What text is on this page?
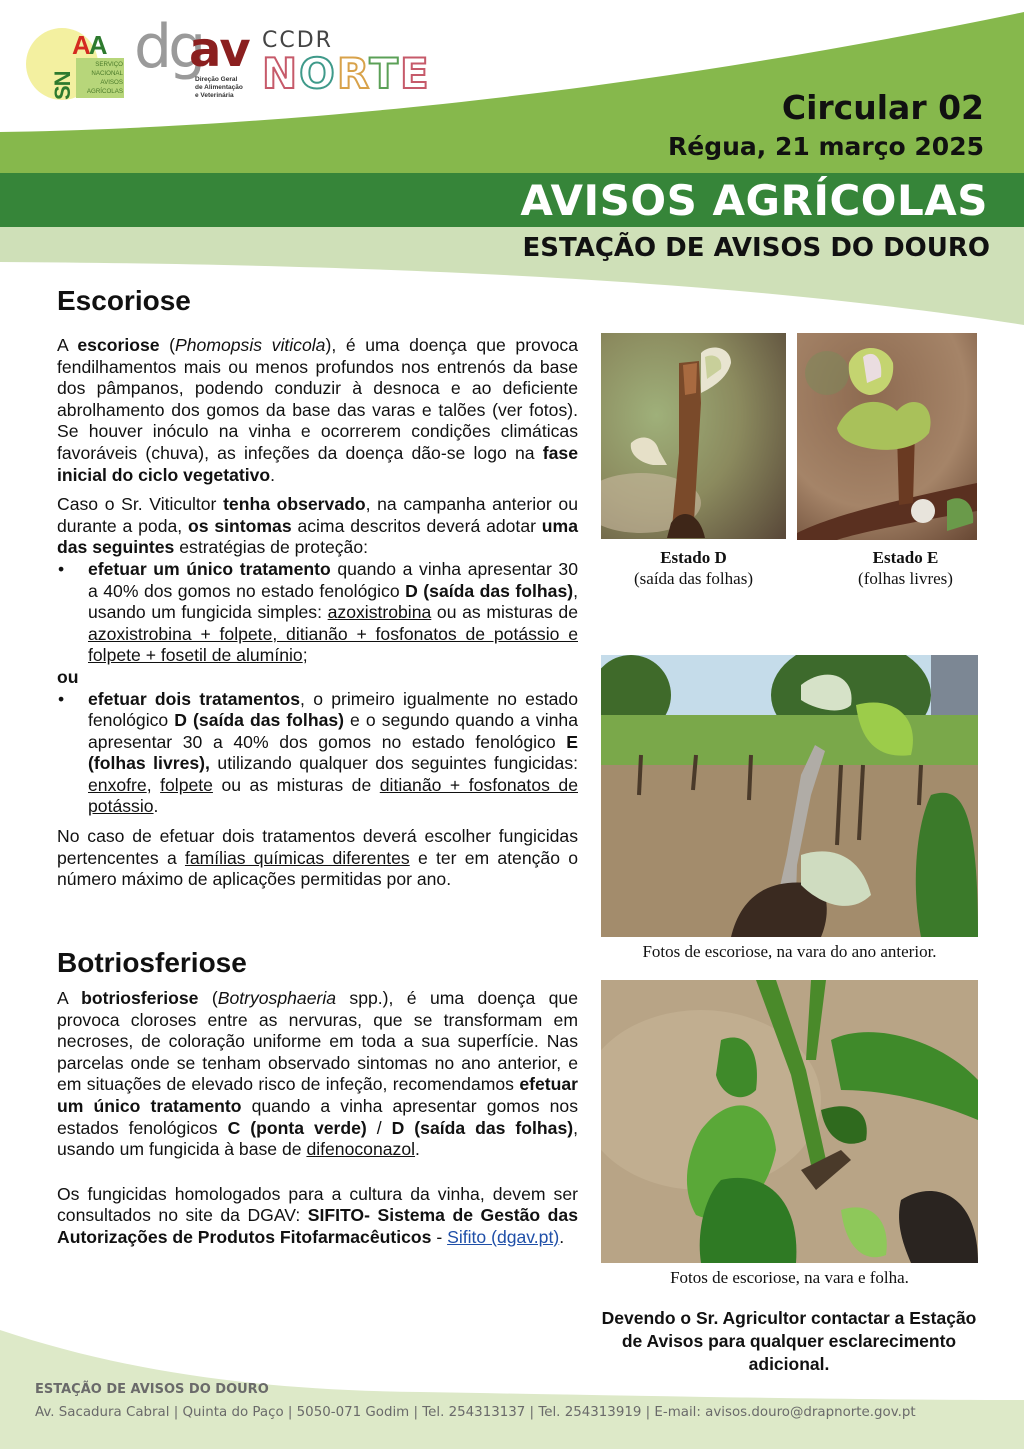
AA
SN
SERVIÇO
NACIONAL
AVISOS
AGRÍCOLAS
dg
av
Direção Geral
de Alimentação
e Veterinária
CCDR
NORTE
Circular 02
Régua, 21 março 2025
AVISOS AGRÍCOLAS
ESTAÇÃO DE AVISOS DO DOURO
Escoriose

A escoriose (Phomopsis viticola), é uma doença que provoca fendilhamentos mais ou menos profundos nos entrenós da base dos pâmpanos, podendo conduzir à desnoca e ao deficiente abrolhamento dos gomos da base das varas e talões (ver fotos). Se houver inóculo na vinha e ocorrerem condições climáticas favoráveis (chuva), as infeções da doença dão-se logo na fase inicial do ciclo vegetativo.

Caso o Sr. Viticultor tenha observado, na campanha anterior ou durante a poda, os sintomas acima descritos deverá adotar uma das seguintes estratégias de proteção:

• efetuar um único tratamento quando a vinha apresentar 30 a 40% dos gomos no estado fenológico D (saída das folhas), usando um fungicida simples: azoxistrobina ou as misturas de azoxistrobina + folpete, ditianão + fosfonatos de potássio e folpete + fosetil de alumínio;
ou
• efetuar dois tratamentos, o primeiro igualmente no estado fenológico D (saída das folhas) e o segundo quando a vinha apresentar 30 a 40% dos gomos no estado fenológico E (folhas livres), utilizando qualquer dos seguintes fungicidas: enxofre, folpete ou as misturas de ditianão + fosfonatos de potássio.

No caso de efetuar dois tratamentos deverá escolher fungicidas pertencentes a famílias químicas diferentes e ter em atenção o número máximo de aplicações permitidas por ano.

Botriosferiose

A botriosferiose (Botryosphaeria spp.), é uma doença que provoca cloroses entre as nervuras, que se transformam em necroses, de coloração uniforme em toda a sua superfície. Nas parcelas onde se tenham observado sintomas no ano anterior, e em situações de elevado risco de infeção, recomendamos efetuar um único tratamento quando a vinha apresentar gomos nos estados fenológicos C (ponta verde) / D (saída das folhas), usando um fungicida à base de difenoconazol.

Os fungicidas homologados para a cultura da vinha, devem ser consultados no site da DGAV: SIFITO- Sistema de Gestão das Autorizações de Produtos Fitofarmacêuticos - Sifito (dgav.pt).

Estado D
(saída das folhas)
Estado E
(folhas livres)
Fotos de escoriose, na vara do ano anterior.
Fotos de escoriose, na vara e folha.
Devendo o Sr. Agricultor contactar a Estação de Avisos para qualquer esclarecimento adicional.
ESTAÇÃO DE AVISOS DO DOURO
Av. Sacadura Cabral | Quinta do Paço | 5050-071 Godim | Tel. 254313137 | Tel. 254313919 | E-mail: avisos.douro@drapnorte.gov.pt
